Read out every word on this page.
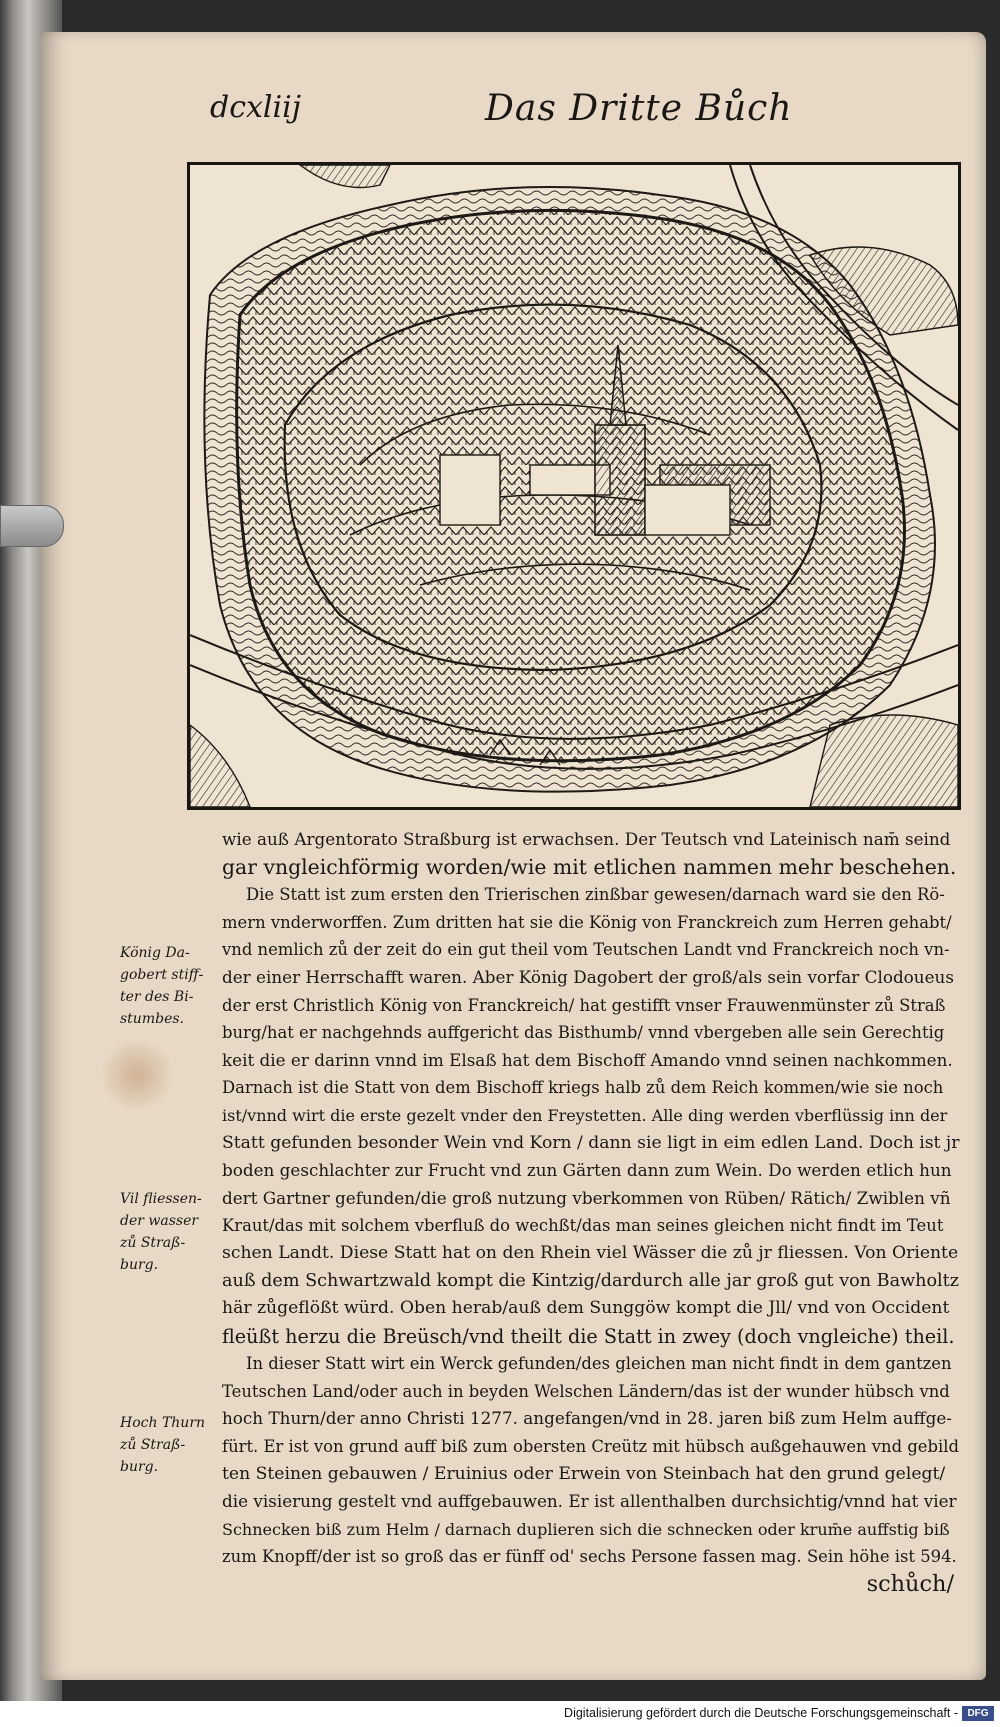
dcxliij	Das Dritte Bůch
König Da-
gobert stiff-
ter des Bi-
stumbes.
Vil fliessen-
der wasser
zů Straß-
burg.
Hoch Thurn
zů Straß-
burg.
wie auß Argentorato Straßburg ist erwachsen. Der Teutsch vnd Lateinisch nam̄ seind
gar vngleichförmig worden/wie mit etlichen nammen mehr beschehen.
Die Statt ist zum ersten den Trierischen zinßbar gewesen/darnach ward sie den Rö-
mern vnderworffen. Zum dritten hat sie die König von Franckreich zum Herren gehabt/
vnd nemlich zů der zeit do ein gut theil vom Teutschen Landt vnd Franckreich noch vn-
der einer Herrschafft waren. Aber König Dagobert der groß/als sein vorfar Clodoueus
der erst Christlich König von Franckreich/ hat gestifft vnser Frauwenmünster zů Straß
burg/hat er nachgehnds auffgericht das Bisthumb/ vnnd vbergeben alle sein Gerechtig
keit die er darinn vnnd im Elsaß hat dem Bischoff Amando vnnd seinen nachkommen.
Darnach ist die Statt von dem Bischoff kriegs halb zů dem Reich kommen/wie sie noch
ist/vnnd wirt die erste gezelt vnder den Freystetten. Alle ding werden vberflüssig inn der
Statt gefunden besonder Wein vnd Korn / dann sie ligt in eim edlen Land. Doch ist jr
boden geschlachter zur Frucht vnd zun Gärten dann zum Wein. Do werden etlich hun
dert Gartner gefunden/die groß nutzung vberkommen von Rüben/ Rätich/ Zwiblen vñ
Kraut/das mit solchem vberfluß do wechßt/das man seines gleichen nicht findt im Teut
schen Landt. Diese Statt hat on den Rhein viel Wässer die zů jr fliessen. Von Oriente
auß dem Schwartzwald kompt die Kintzig/dardurch alle jar groß gut von Bawholtz
här zůgeflößt würd. Oben herab/auß dem Sunggöw kompt die Jll/ vnd von Occident
fleüßt herzu die Breüsch/vnd theilt die Statt in zwey (doch vngleiche) theil.
In dieser Statt wirt ein Werck gefunden/des gleichen man nicht findt in dem gantzen
Teutschen Land/oder auch in beyden Welschen Ländern/das ist der wunder hübsch vnd
hoch Thurn/der anno Christi 1277. angefangen/vnd in 28. jaren biß zum Helm auffge-
fürt. Er ist von grund auff biß zum obersten Creütz mit hübsch außgehauwen vnd gebild
ten Steinen gebauwen / Eruinius oder Erwein von Steinbach hat den grund gelegt/
die visierung gestelt vnd auffgebauwen. Er ist allenthalben durchsichtig/vnnd hat vier
Schnecken biß zum Helm / darnach duplieren sich die schnecken oder krum̄e auffstig biß
zum Knopff/der ist so groß das er fünff od' sechs Persone fassen mag. Sein höhe ist 594.
schůch/
Digitalisierung gefördert durch die Deutsche Forschungsgemeinschaft - DFG
